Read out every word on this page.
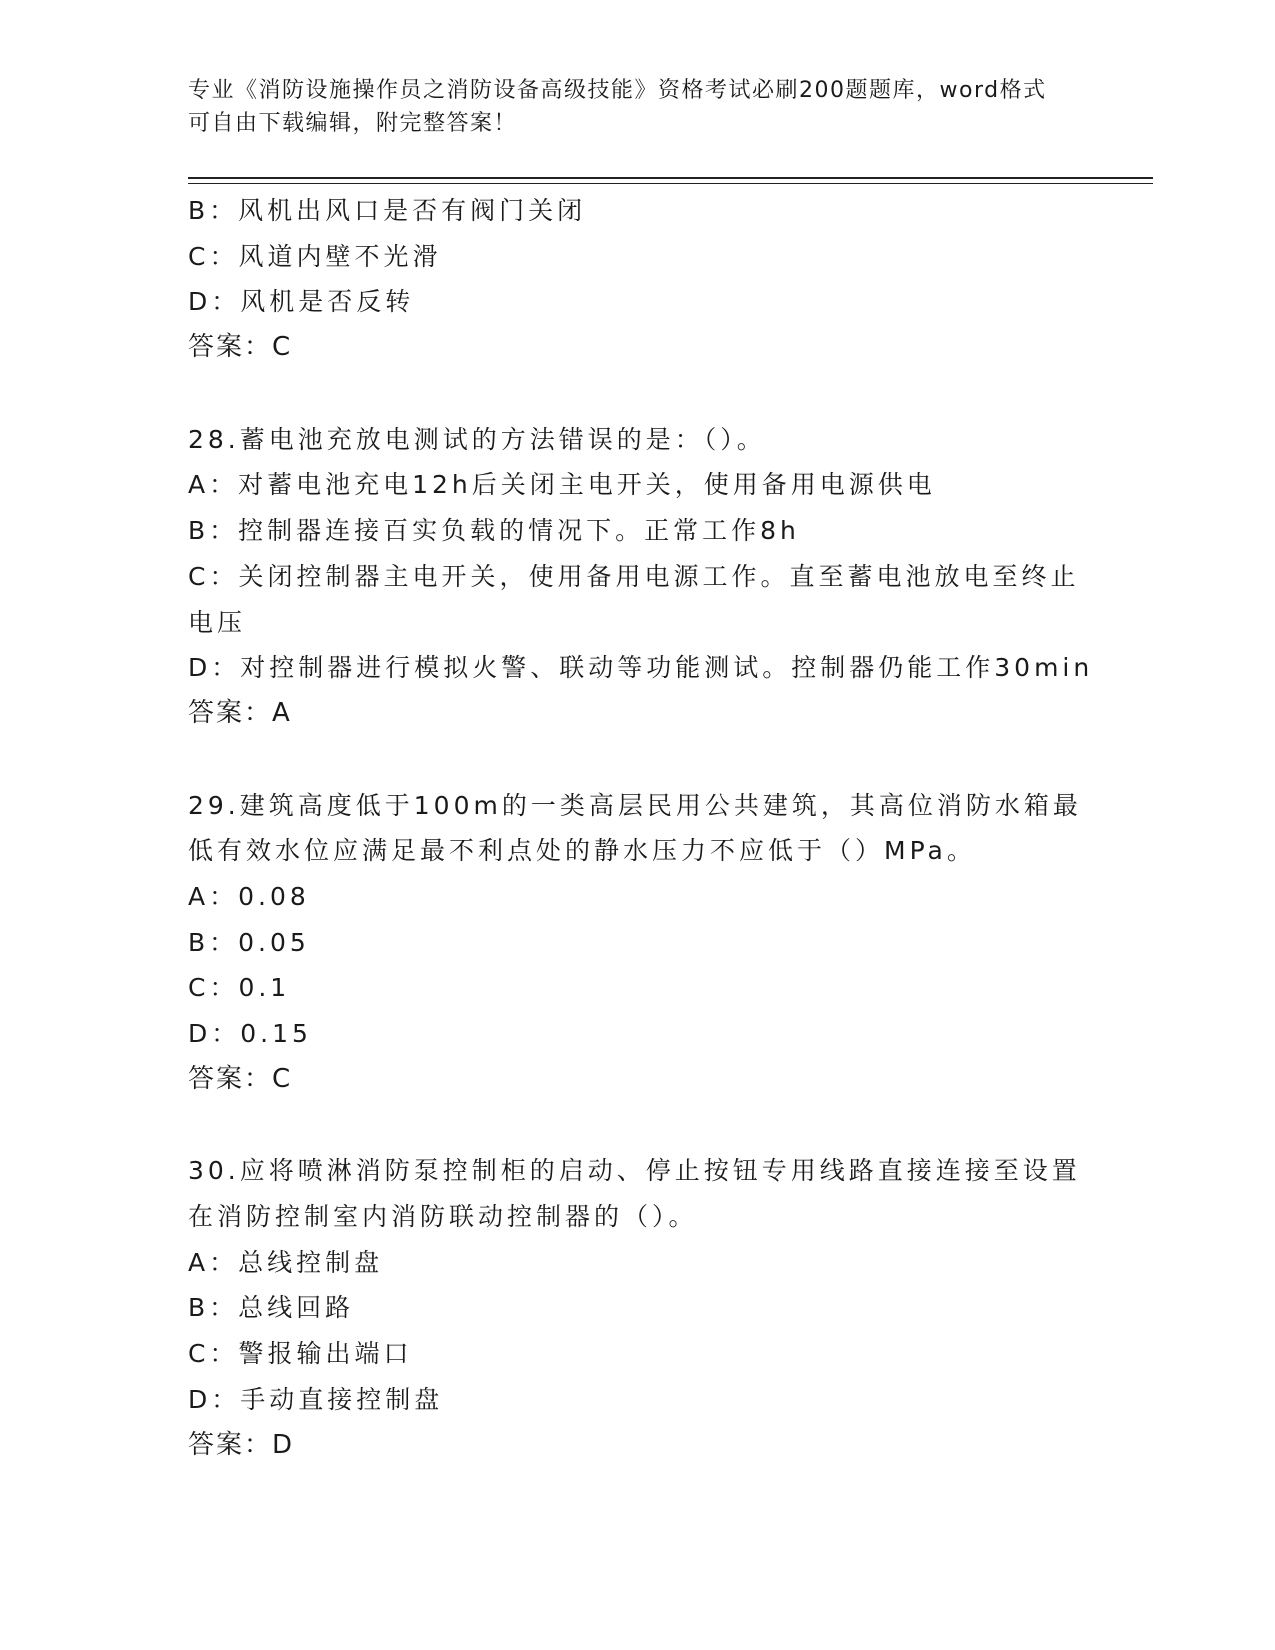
专业《消防设施操作员之消防设备高级技能》资格考试必刷200题题库，word格式可自由下载编辑，附完整答案！
B：风机出风口是否有阀门关闭
C：风道内壁不光滑
D：风机是否反转
答案：C
28.蓄电池充放电测试的方法错误的是：（）。
A：对蓄电池充电12h后关闭主电开关，使用备用电源供电
B：控制器连接百实负载的情况下。正常工作8h
C：关闭控制器主电开关，使用备用电源工作。直至蓄电池放电至终止
电压
D：对控制器进行模拟火警、联动等功能测试。控制器仍能工作30min
答案：A
29.建筑高度低于100m的一类高层民用公共建筑，其高位消防水箱最
低有效水位应满足最不利点处的静水压力不应低于（）MPa。
A：0.08
B：0.05
C：0.1
D：0.15
答案：C
30.应将喷淋消防泵控制柜的启动、停止按钮专用线路直接连接至设置
在消防控制室内消防联动控制器的（）。
A：总线控制盘
B：总线回路
C：警报输出端口
D：手动直接控制盘
答案：D
